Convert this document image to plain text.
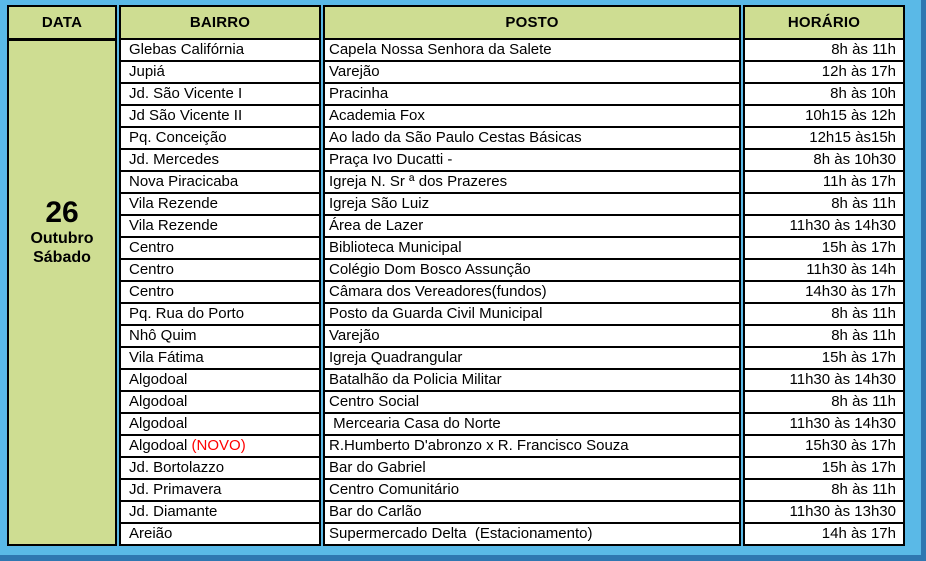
DATA	BAIRRO	POSTO	HORÁRIO

26
Outubro
Sábado	Glebas Califórnia	Capela Nossa Senhora da Salete	8h às 11h
	Jupiá	Varejão	12h às 17h
	Jd. São Vicente I	Pracinha	8h às 10h
	Jd São Vicente II	Academia Fox	10h15 às 12h
	Pq. Conceição	Ao lado da São Paulo Cestas Básicas	12h15 às15h
	Jd. Mercedes	Praça Ivo Ducatti -	8h às 10h30
	Nova Piracicaba	Igreja N. Sr ª dos Prazeres	11h às 17h
	Vila Rezende	Igreja São Luiz	8h às 11h
	Vila Rezende	Área de Lazer	11h30 às 14h30
	Centro	Biblioteca Municipal	15h às 17h
	Centro	Colégio Dom Bosco Assunção	11h30 às 14h
	Centro	Câmara dos Vereadores(fundos)	14h30 às 17h
	Pq. Rua do Porto	Posto da Guarda Civil Municipal	8h às 11h
	Nhô Quim	Varejão	8h às 11h
	Vila Fátima	Igreja Quadrangular	15h às 17h
	Algodoal	Batalhão da Policia Militar	11h30 às 14h30
	Algodoal	Centro Social	8h às 11h
	Algodoal	Mercearia Casa do Norte	11h30 às 14h30
	Algodoal (NOVO)	R.Humberto D'abronzo x R. Francisco Souza	15h30 às 17h
	Jd. Bortolazzo	Bar do Gabriel	15h às 17h
	Jd. Primavera	Centro Comunitário	8h às 11h
	Jd. Diamante	Bar do Carlão	11h30 às 13h30
	Areião	Supermercado Delta  (Estacionamento)	14h às 17h
